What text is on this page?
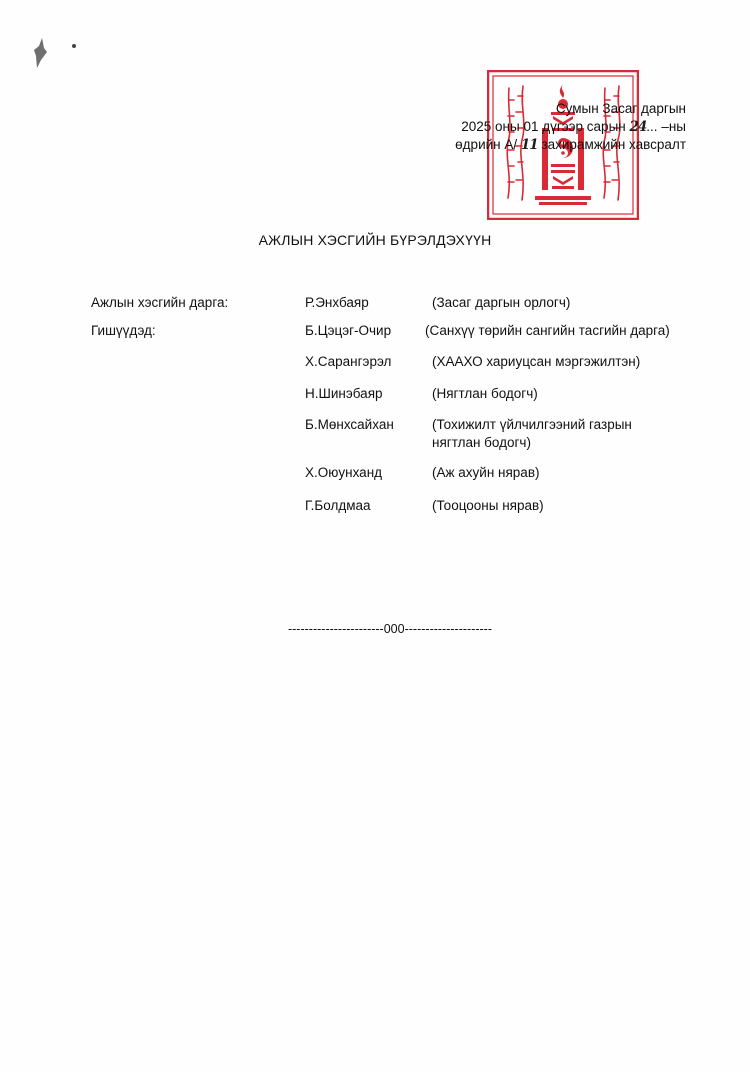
Сумын Засаг даргын
2025 оны 01 дүгээр сарын 24... –ны
өдрийн А/ 11 захирамжийн хавсралт
АЖЛЫН ХЭСГИЙН БҮРЭЛДЭХҮҮН
Ажлын хэсгийн дарга:	Р.Энхбаяр	(Засаг даргын орлогч)
Гишүүдэд:	Б.Цэцэг-Очир	(Санхүү төрийн сангийн тасгийн дарга)
Х.Сарангэрэл	(ХААХО хариуцсан мэргэжилтэн)
Н.Шинэбаяр	(Нягтлан бодогч)
Б.Мөнхсайхан	(Тохижилт үйлчилгээний газрын нягтлан бодогч)
Х.Оюунханд	(Аж ахуйн нярав)
Г.Болдмаа	(Тооцооны нярав)
-----------------------000---------------------
